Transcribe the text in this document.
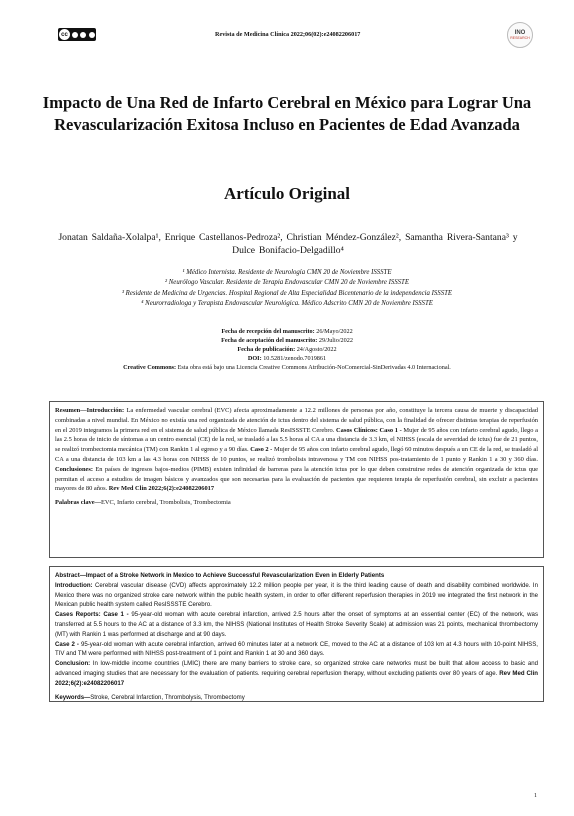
cc	Revista de Medicina Clínica 2022;06(02):e24082206017	INO
RESEARCH
Impacto de Una Red de Infarto Cerebral en México para Lograr Una Revascularización Exitosa Incluso en Pacientes de Edad Avanzada
Artículo Original
Jonatan Saldaña-Xolalpa¹, Enrique Castellanos-Pedroza², Christian Méndez-González², Samantha Rivera-Santana³ y Dulce Bonifacio-Delgadillo⁴
¹ Médico Internista. Residente de Neurología CMN 20 de Noviembre ISSSTE
² Neurólogo Vascular. Residente de Terapia Endovascular CMN 20 de Noviembre ISSSTE
³ Residente de Medicina de Urgencias. Hospital Regional de Alta Especialidad Bicentenario de la independencia ISSSTE
⁴ Neurorradiologa y Terapista Endovascular Neurológica. Médico Adscrito CMN 20 de Noviembre ISSSTE
Fecha de recepción del manuscrito: 26/Mayo/2022
Fecha de aceptación del manuscrito: 29/Julio/2022
Fecha de publicación: 24/Agosto/2022
DOI: 10.5281/zenodo.7019861
Creative Commons: Esta obra está bajo una Licencia Creative Commons Atribución-NoComercial-SinDerivadas 4.0 Internacional.

Resumen—Introducción: La enfermedad vascular cerebral (EVC) afecta aproximadamente a 12.2 millones de personas por año, constituye la tercera causa de muerte y discapacidad combinadas a nivel mundial. En México no existía una red organizada de atención de ictus dentro del sistema de salud pública, con la finalidad de ofrecer distintas terapias de reperfusión en el 2019 integramos la primera red en el sistema de salud pública de México llamada ResISSSTE Cerebro. Casos Clínicos: Caso 1 - Mujer de 95 años con infarto cerebral agudo, llego a las 2.5 horas de inicio de síntomas a un centro esencial (CE) de la red, se trasladó a las 5.5 horas al CA a una distancia de 3.3 km, el NIHSS (escala de severidad de ictus) fue de 21 puntos, se realizó trombectomia mecánica (TM) con Rankin 1 al egreso y a 90 días. Caso 2 - Mujer de 95 años con infarto cerebral agudo, llegó 60 minutos después a un CE de la red, se trasladó al CA a una distancia de 103 km a las 4.3 horas con NIHSS de 10 puntos, se realizó trombolisis intravenosa y TM con NIHSS pos-tratamiento de 1 punto y Rankin 1 a 30 y 360 días. Conclusiones: En países de ingresos bajos-medios (PIMB) existen infinidad de barreras para la atención ictus por lo que deben construirse redes de atención organizada de ictus que permitan el acceso a estudios de imagen básicos y avanzados que son necesarias para la evaluación de pacientes que requieren terapia de reperfusión cerebral, sin excluir a pacientes mayores de 80 años. Rev Med Clin 2022;6(2):e24082206017

Palabras clave—EVC, Infarto cerebral, Trombolisis, Trombectomia

Abstract—Impact of a Stroke Network in Mexico to Achieve Successful Revascularization Even in Elderly Patients
Introduction: Cerebral vascular disease (CVD) affects approximately 12.2 million people per year, it is the third leading cause of death and disability combined worldwide. In Mexico there was no organized stroke care network within the public health system, in order to offer different reperfusion therapies in 2019 we integrated the first network in the Mexican public health system called ResISSSTE Cerebro.
Cases Reports: Case 1 - 95-year-old woman with acute cerebral infarction, arrived 2.5 hours after the onset of symptoms at an essential center (EC) of the network, was transferred at 5.5 hours to the AC at a distance of 3.3 km, the NIHSS (National Institutes of Health Stroke Severity Scale) at admission was 21 points, mechanical thrombectomy (MT) with Rankin 1 was performed at discharge and at 90 days.
Case 2 - 95-year-old woman with acute cerebral infarction, arrived 60 minutes later at a network CE, moved to the AC at a distance of 103 km at 4.3 hours with 10-point NIHSS, TIV and TM were performed with NIHSS post-treatment of 1 point and Rankin 1 at 30 and 360 days.
Conclusion: In low-middle income countries (LMIC) there are many barriers to stroke care, so organized stroke care networks must be built that allow access to basic and advanced imaging studies that are necessary for the evaluation of patients. requiring cerebral reperfusion therapy, without excluding patients over 80 years of age. Rev Med Clin 2022;6(2):e24082206017

Keywords—Stroke, Cerebral Infarction, Thrombolysis, Thrombectomy

1
